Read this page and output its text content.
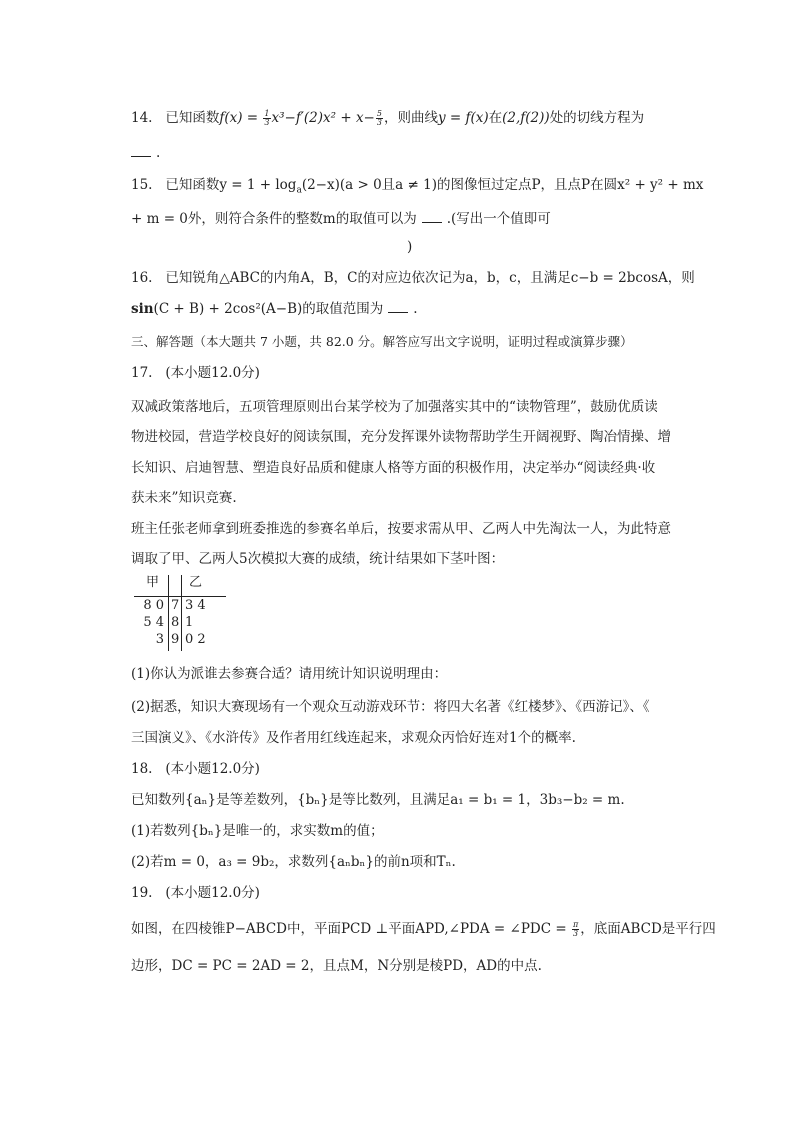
14. 已知函数$f(x) = \frac{1}{3} x^3-f'(2)x^2 + x- \frac{5}{3}$ ，则曲线y = f(x)在(2,f(2))处的切线方程为
.
15. 已知函数$y = 1 + \log_a(2-x)(a > 0$且a ≠ 1)的图像恒过定点P，且点P在圆x² + y² + mx
+ m = 0外，则符合条件的整数m的取值可以为 .(写出一个值即可
)
16. 已知锐角△ABC的内角A，B，C的对应边依次记为a，b，c，且满足c−b = 2bcosA，则
sin(C + B) + 2cos²(A−B)的取值范围为 .
三、解答题（本大题共 7 小题，共 82.0 分。解答应写出文字说明，证明过程或演算步骤）
17. (本小题12.0分)
双减政策落地后，五项管理原则出台某学校为了加强落实其中的“读物管理”，鼓励优质读
物进校园，营造学校良好的阅读氛围，充分发挥课外读物帮助学生开阔视野、陶冶情操、增
长知识、启迪智慧、塑造良好品质和健康人格等方面的积极作用，决定举办“阅读经典·收
获未来”知识竞赛.
班主任张老师拿到班委推选的参赛名单后，按要求需从甲、乙两人中先淘汰一人，为此特意
调取了甲、乙两人5次模拟大赛的成绩，统计结果如下茎叶图：
甲 乙
8 0 7 3 4
5 4 8 1
3 9 0 2
(1)你认为派谁去参赛合适？请用统计知识说明理由：
(2)据悉，知识大赛现场有一个观众互动游戏环节：将四大名著《红楼梦》、《西游记》、《
三国演义》、《水浒传》及作者用红线连起来，求观众丙恰好连对1个的概率.
18. (本小题12.0分)
已知数列{aₙ}是等差数列，{bₙ}是等比数列，且满足a₁ = b₁ = 1，3b₃−b₂ = m.
(1)若数列{bₙ}是唯一的，求实数m的值；
(2)若m = 0，a₃ = 9b₂，求数列{aₙbₙ}的前n项和Tₙ.
19. (本小题12.0分)
如图，在四棱锥P−ABCD中，平面PCD ⊥平面APD,∠PDA = ∠PDC = $\frac{\pi}{3}$ ，底面ABCD是平行四
边形，DC = PC = 2AD = 2，且点M，N分别是棱PD，AD的中点.
